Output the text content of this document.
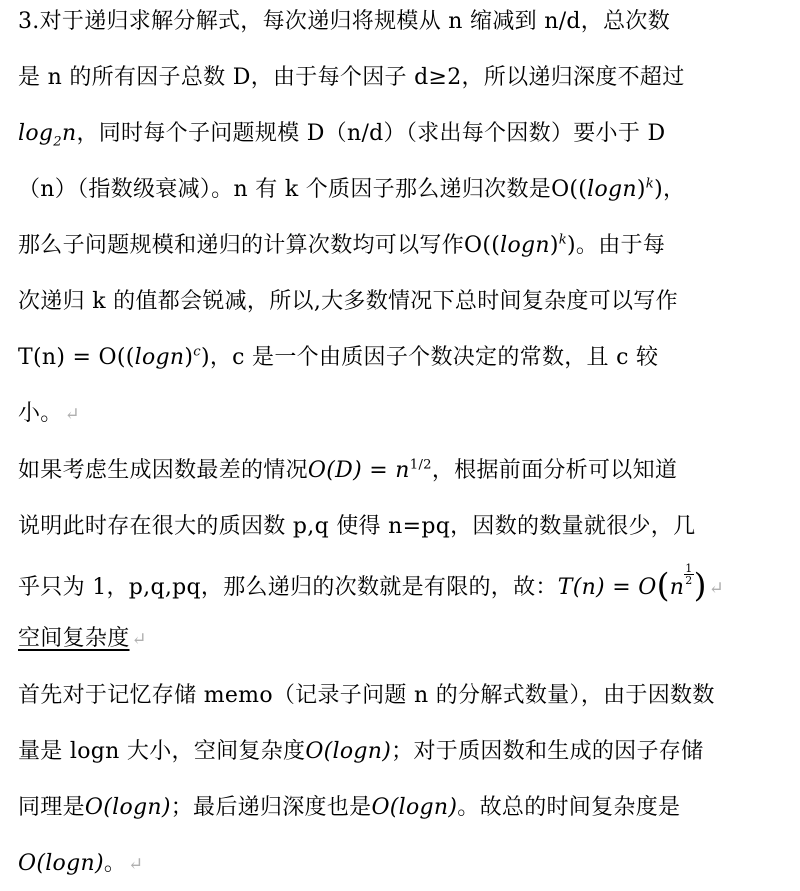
3.对于递归求解分解式，每次递归将规模从 n 缩减到 n/d，总次数
是 n 的所有因子总数 D，由于每个因子 d≥2，所以递归深度不超过
$\log_2n$，同时每个子问题规模 D（n/d）（求出每个因数）要小于 D
（n）（指数级衰减）。n 有 k 个质因子那么递归次数是$O((\log n)^k)$，
那么子问题规模和递归的计算次数均可以写作$O((\log n)^k)$。由于每
次递归 k 的值都会锐减，所以,大多数情况下总时间复杂度可以写作
$T(n) = O((\log n)^c)$，c 是一个由质因子个数决定的常数，且 c 较
小。 ↵
如果考虑生成因数最差的情况$O(D) = n^{1/2}$，根据前面分析可以知道
说明此时存在很大的质因数 p,q 使得 n=pq，因数的数量就很少，几
乎只为 1，p,q,pq，那么递归的次数就是有限的，故：T(n) = O(n
$\frac{1}{2}$ ) ↵
空间复杂度 ↵
首先对于记忆存储 memo（记录子问题 n 的分解式数量），由于因数数
量是 logn 大小，空间复杂度O(logn)；对于质因数和生成的因子存储
同理是O(logn)；最后递归深度也是O(logn)。故总的时间复杂度是
O(logn)。 ↵
